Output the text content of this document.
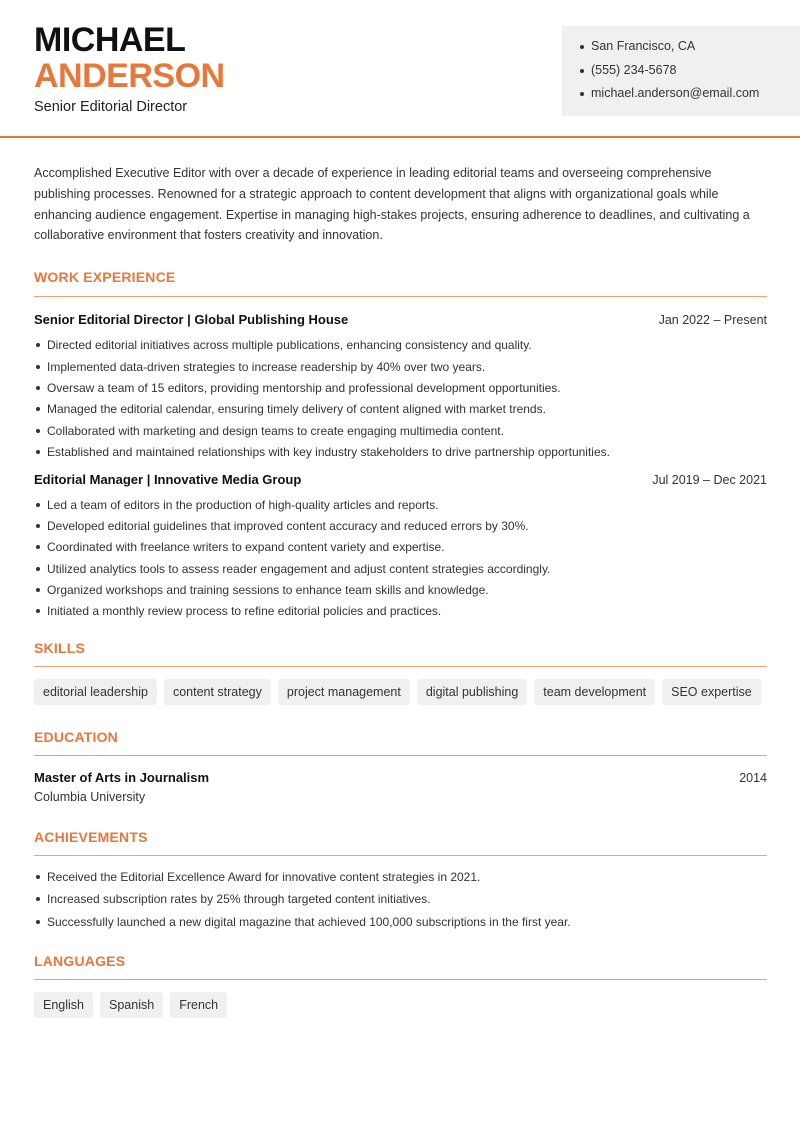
MICHAEL
ANDERSON
Senior Editorial Director
San Francisco, CA
(555) 234-5678
michael.anderson@email.com

Accomplished Executive Editor with over a decade of experience in leading editorial teams and overseeing comprehensive publishing processes. Renowned for a strategic approach to content development that aligns with organizational goals while enhancing audience engagement. Expertise in managing high-stakes projects, ensuring adherence to deadlines, and cultivating a collaborative environment that fosters creativity and innovation.

WORK EXPERIENCE
Senior Editorial Director | Global Publishing House	Jan 2022 – Present
Directed editorial initiatives across multiple publications, enhancing consistency and quality.
Implemented data-driven strategies to increase readership by 40% over two years.
Oversaw a team of 15 editors, providing mentorship and professional development opportunities.
Managed the editorial calendar, ensuring timely delivery of content aligned with market trends.
Collaborated with marketing and design teams to create engaging multimedia content.
Established and maintained relationships with key industry stakeholders to drive partnership opportunities.
Editorial Manager | Innovative Media Group	Jul 2019 – Dec 2021
Led a team of editors in the production of high-quality articles and reports.
Developed editorial guidelines that improved content accuracy and reduced errors by 30%.
Coordinated with freelance writers to expand content variety and expertise.
Utilized analytics tools to assess reader engagement and adjust content strategies accordingly.
Organized workshops and training sessions to enhance team skills and knowledge.
Initiated a monthly review process to refine editorial policies and practices.
SKILLS
editorial leadership	content strategy	project management	digital publishing	team development	SEO expertise
EDUCATION
Master of Arts in Journalism	2014
Columbia University
ACHIEVEMENTS
Received the Editorial Excellence Award for innovative content strategies in 2021.
Increased subscription rates by 25% through targeted content initiatives.
Successfully launched a new digital magazine that achieved 100,000 subscriptions in the first year.
LANGUAGES
English	Spanish	French
